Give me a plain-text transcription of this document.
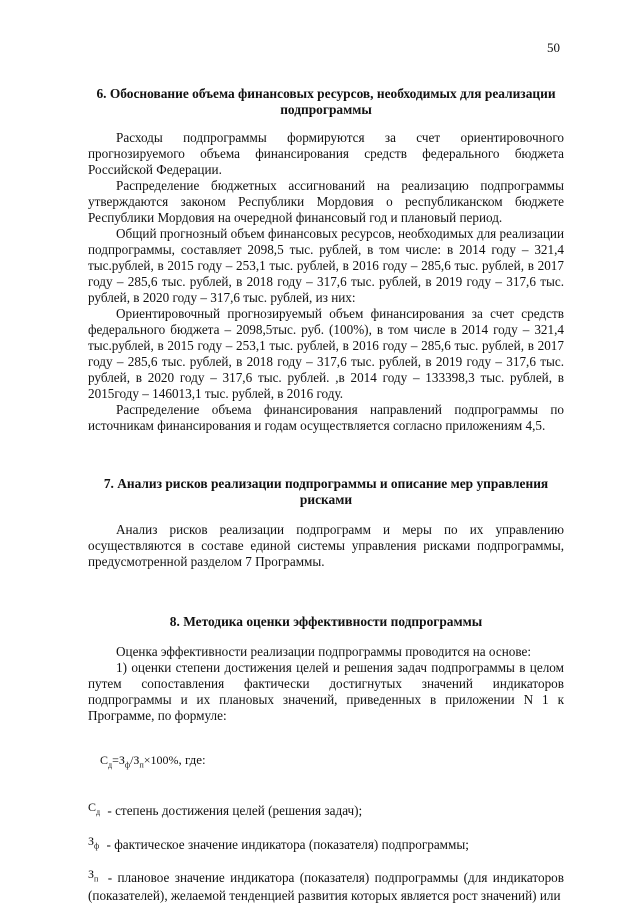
50
6. Обоснование объема финансовых ресурсов, необходимых для реализации подпрограммы

Расходы подпрограммы формируются за счет ориентировочного прогнозируемого объема финансирования средств федерального бюджета Российской Федерации.

Распределение бюджетных ассигнований на реализацию подпрограммы утверждаются законом Республики Мордовия о республиканском бюджете Республики Мордовия на очередной финансовый год и плановый период.

Общий прогнозный объем финансовых ресурсов, необходимых для реализации подпрограммы, составляет 2098,5 тыс. рублей, в том числе: в 2014 году – 321,4 тыс.рублей, в 2015 году – 253,1 тыс. рублей, в 2016 году – 285,6 тыс. рублей, в 2017 году – 285,6 тыс. рублей, в 2018 году – 317,6 тыс. рублей, в 2019 году – 317,6 тыс. рублей, в 2020 году – 317,6 тыс. рублей, из них:

Ориентировочный прогнозируемый объем финансирования за счет средств федерального бюджета – 2098,5тыс. руб. (100%), в том числе в 2014 году – 321,4 тыс.рублей, в 2015 году – 253,1 тыс. рублей, в 2016 году – 285,6 тыс. рублей, в 2017 году – 285,6 тыс. рублей, в 2018 году – 317,6 тыс. рублей, в 2019 году – 317,6 тыс. рублей, в 2020 году – 317,6 тыс. рублей. ,в 2014 году – 133398,3 тыс. рублей, в 2015году – 146013,1 тыс. рублей, в 2016 году.

Распределение объема финансирования направлений подпрограммы по источникам финансирования и годам осуществляется согласно приложениям 4,5.

7. Анализ рисков реализации подпрограммы и описание мер управления рисками

Анализ рисков реализации подпрограмм и меры по их управлению осуществляются в составе единой системы управления рисками подпрограммы, предусмотренной разделом 7 Программы.

8. Методика оценки эффективности подпрограммы

Оценка эффективности реализации подпрограммы проводится на основе:

1) оценки степени достижения целей и решения задач подпрограммы в целом путем сопоставления фактически достигнутых значений индикаторов подпрограммы и их плановых значений, приведенных в приложении N 1 к Программе, по формуле:

$С_д=З_ф/З_п\times 100\%$, где:
$С_д$ - степень достижения целей (решения задач);
$З_ф$ - фактическое значение индикатора (показателя) подпрограммы;
$З_п$ - плановое значение индикатора (показателя) подпрограммы (для индикаторов (показателей), желаемой тенденцией развития которых является рост значений) или
